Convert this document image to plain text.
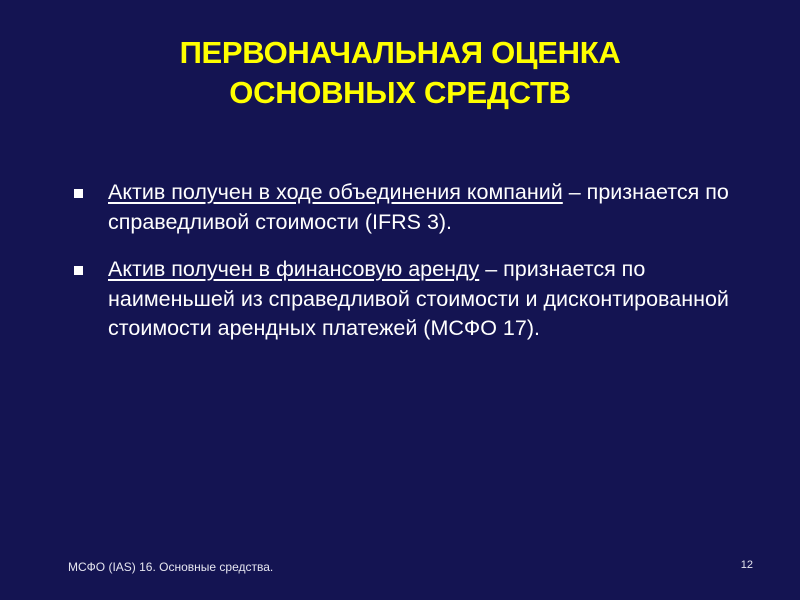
ПЕРВОНАЧАЛЬНАЯ ОЦЕНКА
ОСНОВНЫХ СРЕДСТВ
Актив получен в ходе объединения компаний – признается по справедливой стоимости (IFRS 3).
Актив получен в финансовую аренду – признается по наименьшей из справедливой стоимости и дисконтированной стоимости арендных платежей (МСФО 17).
МСФО (IAS) 16. Основные средства.	12
